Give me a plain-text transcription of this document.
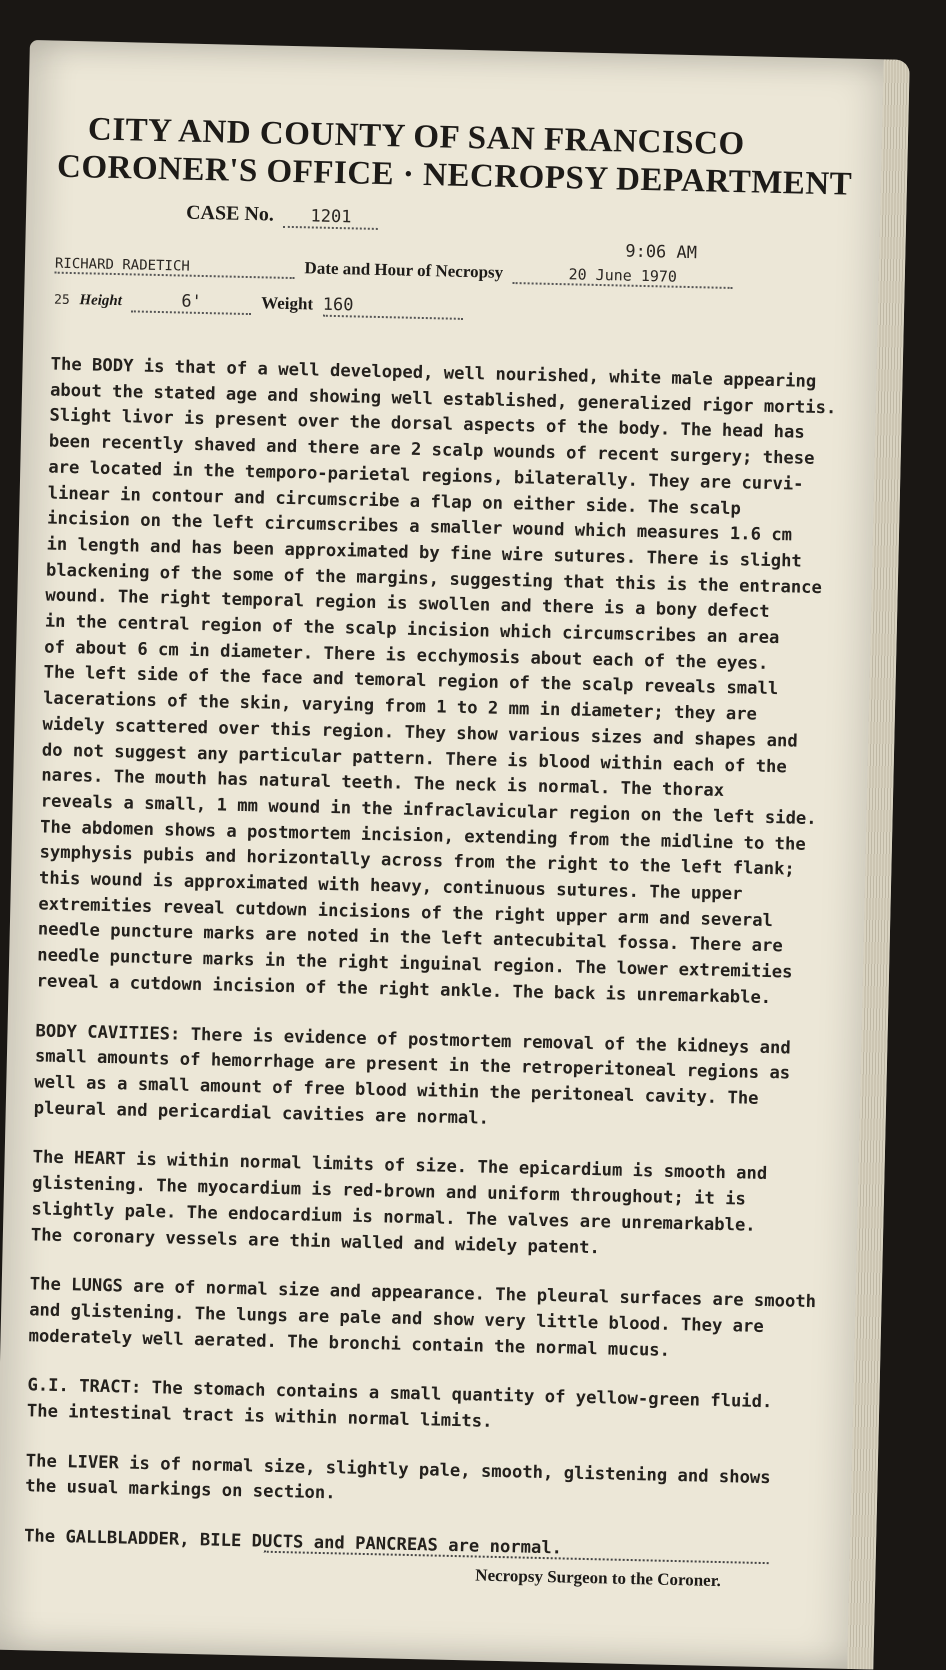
CITY AND COUNTY OF SAN FRANCISCO
CORONER'S OFFICE · NECROPSY DEPARTMENT
CASE No. 1201
9:06 AM
RICHARD RADETICH	Date and Hour of Necropsy	20 June 1970
25 Height	6'	Weight 160

The BODY is that of a well developed, well nourished, white male appearing
about the stated age and showing well established, generalized rigor mortis.
Slight livor is present over the dorsal aspects of the body. The head has
been recently shaved and there are 2 scalp wounds of recent surgery; these
are located in the temporo-parietal regions, bilaterally. They are curvi-
linear in contour and circumscribe a flap on either side. The scalp
incision on the left circumscribes a smaller wound which measures 1.6 cm
in length and has been approximated by fine wire sutures. There is slight
blackening of the some of the margins, suggesting that this is the entrance
wound. The right temporal region is swollen and there is a bony defect
in the central region of the scalp incision which circumscribes an area
of about 6 cm in diameter. There is ecchymosis about each of the eyes.
The left side of the face and temoral region of the scalp reveals small
lacerations of the skin, varying from 1 to 2 mm in diameter; they are
widely scattered over this region. They show various sizes and shapes and
do not suggest any particular pattern. There is blood within each of the
nares. The mouth has natural teeth. The neck is normal. The thorax
reveals a small, 1 mm wound in the infraclavicular region on the left side.
The abdomen shows a postmortem incision, extending from the midline to the
symphysis pubis and horizontally across from the right to the left flank;
this wound is approximated with heavy, continuous sutures. The upper
extremities reveal cutdown incisions of the right upper arm and several
needle puncture marks are noted in the left antecubital fossa. There are
needle puncture marks in the right inguinal region. The lower extremities
reveal a cutdown incision of the right ankle. The back is unremarkable.

BODY CAVITIES: There is evidence of postmortem removal of the kidneys and
small amounts of hemorrhage are present in the retroperitoneal regions as
well as a small amount of free blood within the peritoneal cavity. The
pleural and pericardial cavities are normal.

The HEART is within normal limits of size. The epicardium is smooth and
glistening. The myocardium is red-brown and uniform throughout; it is
slightly pale. The endocardium is normal. The valves are unremarkable.
The coronary vessels are thin walled and widely patent.

The LUNGS are of normal size and appearance. The pleural surfaces are smooth
and glistening. The lungs are pale and show very little blood. They are
moderately well aerated. The bronchi contain the normal mucus.

G.I. TRACT: The stomach contains a small quantity of yellow-green fluid.
The intestinal tract is within normal limits.

The LIVER is of normal size, slightly pale, smooth, glistening and shows
the usual markings on section.

The GALLBLADDER, BILE DUCTS and PANCREAS are normal.

Necropsy Surgeon to the Coroner.
